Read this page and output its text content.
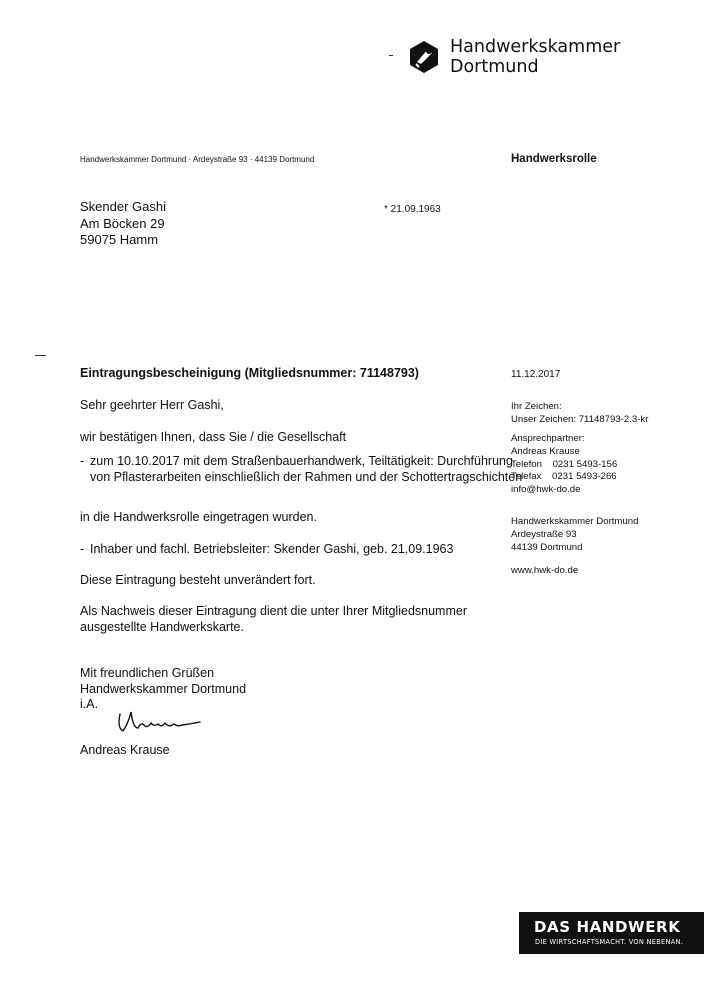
Handwerkskammer
Dortmund
Handwerkskammer Dortmund · Ardeystraße 93 · 44139 Dortmund	Handwerksrolle
Skender Gashi
Am Böcken 29
59075 Hamm
* 21.09.1963
Eintragungsbescheinigung (Mitgliedsnummer: 71148793)	11.12.2017
Sehr geehrter Herr Gashi,
wir bestätigen Ihnen, dass Sie / die Gesellschaft
- zum 10.10.2017 mit dem Straßenbauerhandwerk, Teiltätigkeit: Durchführung von Pflasterarbeiten einschließlich der Rahmen und der Schottertragschichten
in die Handwerksrolle eingetragen wurden.
- Inhaber und fachl. Betriebsleiter: Skender Gashi, geb. 21.09.1963
Diese Eintragung besteht unverändert fort.
Als Nachweis dieser Eintragung dient die unter Ihrer Mitgliedsnummer
ausgestellte Handwerkskarte.
Mit freundlichen Grüßen
Handwerkskammer Dortmund
i.A.
Andreas Krause
Ihr Zeichen:
Unser Zeichen: 71148793-2.3-kr
Ansprechpartner:
Andreas Krause
Telefon    0231 5493-156
Telefax    0231 5493-266
info@hwk-do.de
Handwerkskammer Dortmund
Ardeystraße 93
44139 Dortmund
www.hwk-do.de
DAS HANDWERK
DIE WIRTSCHAFTSMACHT. VON NEBENAN.
